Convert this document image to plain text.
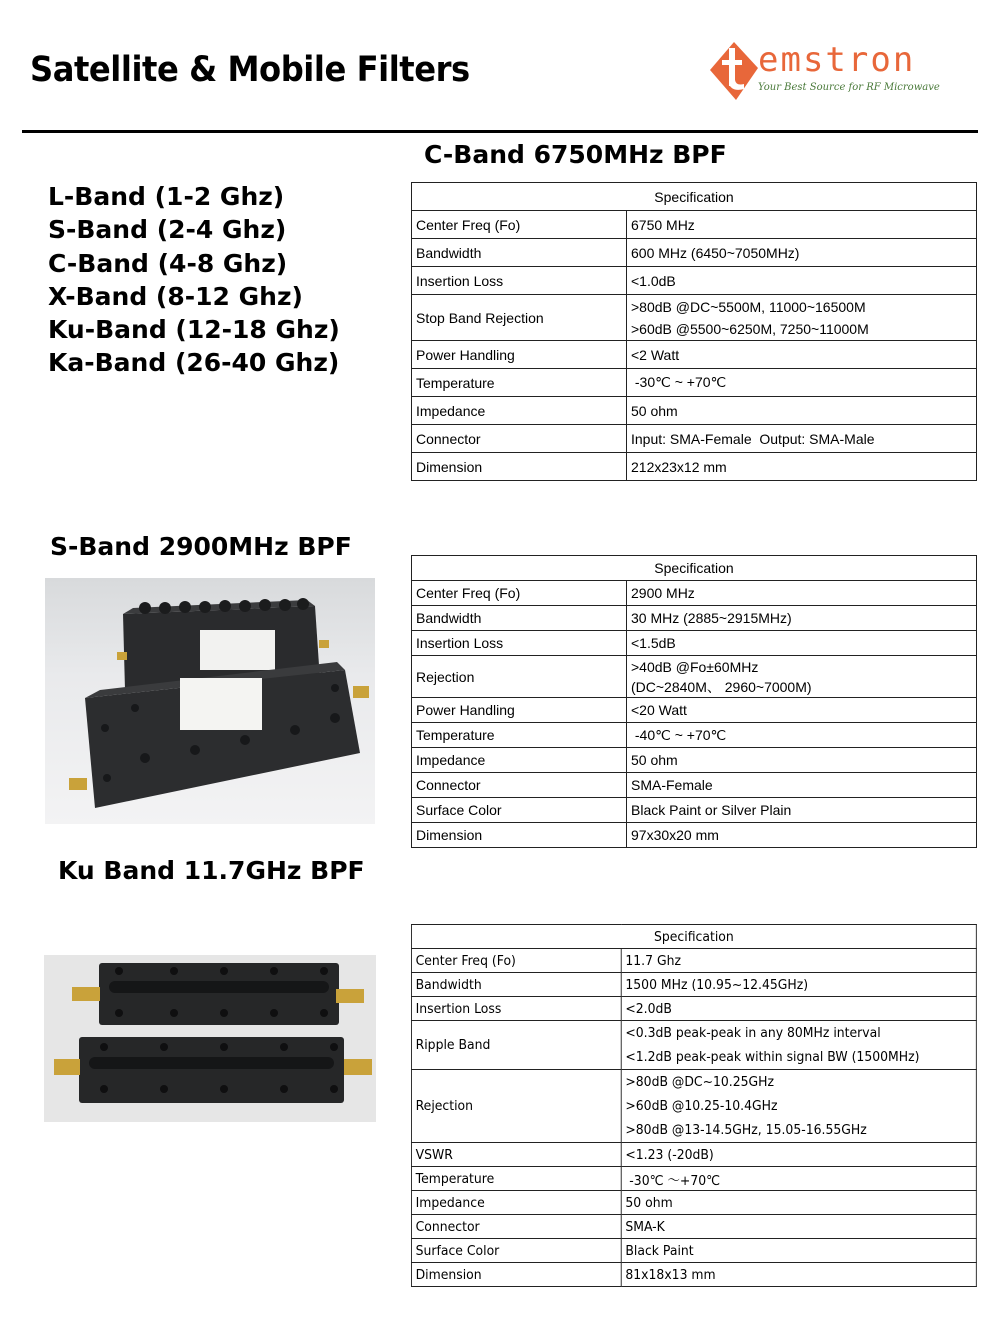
Satellite & Mobile Filters	emstron
Your Best Source for RF Microwave
L-Band (1-2 Ghz)
S-Band (2-4 Ghz)
C-Band (4-8 Ghz)
X-Band (8-12 Ghz)
Ku-Band (12-18 Ghz)
Ka-Band (26-40 Ghz)
C-Band 6750MHz BPF
Specification	
Center Freq (Fo)	6750 MHz
Bandwidth	600 MHz (6450~7050MHz)
Insertion Loss	<1.0dB
Stop Band Rejection	>80dB @DC~5500M, 11000~16500M
>60dB @5500~6250M, 7250~11000M

Power Handling	<2 Watt
Temperature	-30℃ ~ +70℃
Impedance	50 ohm
Connector	Input: SMA-Female  Output: SMA-Male
Dimension	212x23x12 mm
S-Band 2900MHz BPF
Specification	
Center Freq (Fo)	2900 MHz
Bandwidth	30 MHz (2885~2915MHz)
Insertion Loss	<1.5dB
Rejection	>40dB @Fo±60MHz
(DC~2840M、 2960~7000M)

Power Handling	<20 Watt
Temperature	-40℃ ~ +70℃
Impedance	50 ohm
Connector	SMA-Female
Surface Color	Black Paint or Silver Plain
Dimension	97x30x20 mm
Ku Band 11.7GHz BPF
Specification	
Center Freq (Fo)	11.7 Ghz
Bandwidth	1500 MHz (10.95~12.45GHz)
Insertion Loss	<2.0dB
Ripple Band	<0.3dB peak-peak in any 80MHz interval
<1.2dB peak-peak within signal BW (1500MHz)

Rejection	>80dB @DC~10.25GHz
>60dB @10.25-10.4GHz
>80dB @13-14.5GHz, 15.05-16.55GHz

VSWR	<1.23 (-20dB)
Temperature	-30℃ ～+70℃
Impedance	50 ohm
Connector	SMA-K
Surface Color	Black Paint
Dimension	81x18x13 mm
